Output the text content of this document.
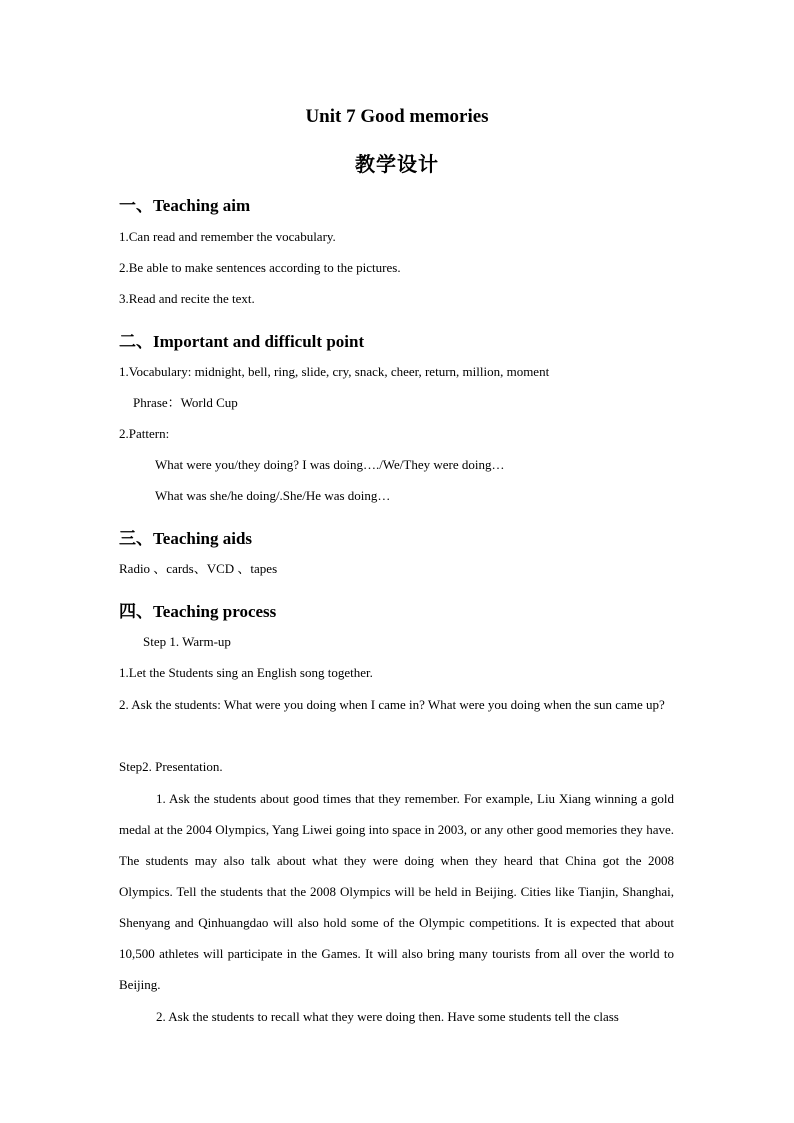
Unit 7 Good memories
教学设计
一、Teaching aim
1.Can read and remember the vocabulary.
2.Be able to make sentences according to the pictures.
3.Read and recite the text.
二、Important and difficult point
1.Vocabulary: midnight, bell, ring, slide, cry, snack, cheer, return, million, moment
Phrase：World Cup
2.Pattern:
What were you/they doing? I was doing…./We/They were doing…
What was she/he doing/.She/He was doing…
三、Teaching aids
Radio 、cards、VCD 、tapes
四、Teaching process
Step 1. Warm-up
1.Let the Students sing an English song together.

2. Ask the students: What were you doing when I came in? What were you doing when the sun came up?

Step2. Presentation.

1. Ask the students about good times that they remember. For example, Liu Xiang winning a gold medal at the 2004 Olympics, Yang Liwei going into space in 2003, or any other good memories they have. The students may also talk about what they were doing when they heard that China got the 2008 Olympics. Tell the students that the 2008 Olympics will be held in Beijing. Cities like Tianjin, Shanghai, Shenyang and Qinhuangdao will also hold some of the Olympic competitions. It is expected that about 10,500 athletes will participate in the Games. It will also bring many tourists from all over the world to Beijing.

2. Ask the students to recall what they were doing then. Have some students tell the class
